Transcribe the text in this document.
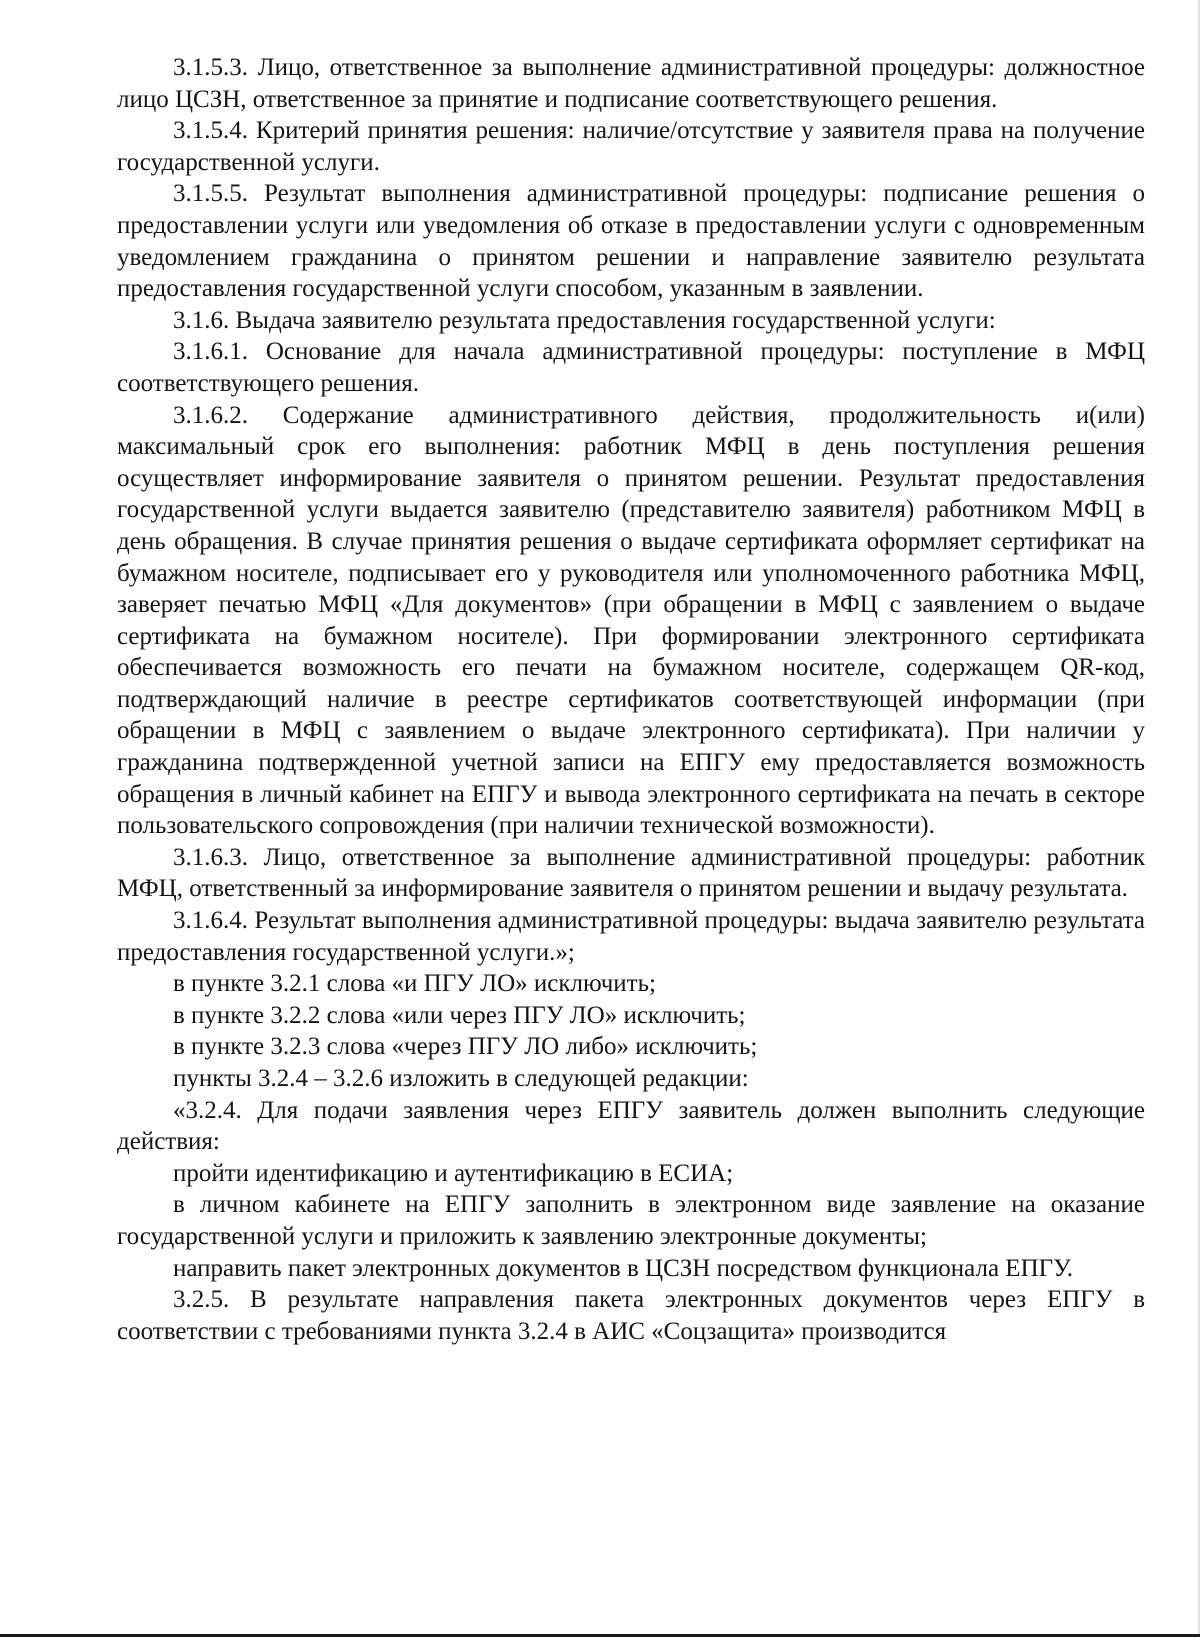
3.1.5.3. Лицо, ответственное за выполнение административной процедуры: должностное лицо ЦСЗН, ответственное за принятие и подписание соответствующего решения.

3.1.5.4. Критерий принятия решения: наличие/отсутствие у заявителя права на получение государственной услуги.

3.1.5.5. Результат выполнения административной процедуры: подписание решения о предоставлении услуги или уведомления об отказе в предоставлении услуги с одновременным уведомлением гражданина о принятом решении и направление заявителю результата предоставления государственной услуги способом, указанным в заявлении.

3.1.6. Выдача заявителю результата предоставления государственной услуги:

3.1.6.1. Основание для начала административной процедуры: поступление в МФЦ соответствующего решения.

3.1.6.2. Содержание административного действия, продолжительность и(или) максимальный срок его выполнения: работник МФЦ в день поступления решения осуществляет информирование заявителя о принятом решении. Результат предоставления государственной услуги выдается заявителю (представителю заявителя) работником МФЦ в день обращения. В случае принятия решения о выдаче сертификата оформляет сертификат на бумажном носителе, подписывает его у руководителя или уполномоченного работника МФЦ, заверяет печатью МФЦ «Для документов» (при обращении в МФЦ с заявлением о выдаче сертификата на бумажном носителе). При формировании электронного сертификата обеспечивается возможность его печати на бумажном носителе, содержащем QR-код, подтверждающий наличие в реестре сертификатов соответствующей информации (при обращении в МФЦ с заявлением о выдаче электронного сертификата). При наличии у гражданина подтвержденной учетной записи на ЕПГУ ему предоставляется возможность обращения в личный кабинет на ЕПГУ и вывода электронного сертификата на печать в секторе пользовательского сопровождения (при наличии технической возможности).

3.1.6.3. Лицо, ответственное за выполнение административной процедуры: работник МФЦ, ответственный за информирование заявителя о принятом решении и выдачу результата.

3.1.6.4. Результат выполнения административной процедуры: выдача заявителю результата предоставления государственной услуги.»;

в пункте 3.2.1 слова «и ПГУ ЛО» исключить;

в пункте 3.2.2 слова «или через ПГУ ЛО» исключить;

в пункте 3.2.3 слова «через ПГУ ЛО либо» исключить;

пункты 3.2.4 – 3.2.6 изложить в следующей редакции:

«3.2.4. Для подачи заявления через ЕПГУ заявитель должен выполнить следующие действия:

пройти идентификацию и аутентификацию в ЕСИА;

в личном кабинете на ЕПГУ заполнить в электронном виде заявление на оказание государственной услуги и приложить к заявлению электронные документы;

направить пакет электронных документов в ЦСЗН посредством функционала ЕПГУ.

3.2.5. В результате направления пакета электронных документов через ЕПГУ в соответствии с требованиями пункта 3.2.4 в АИС «Соцзащита» производится
